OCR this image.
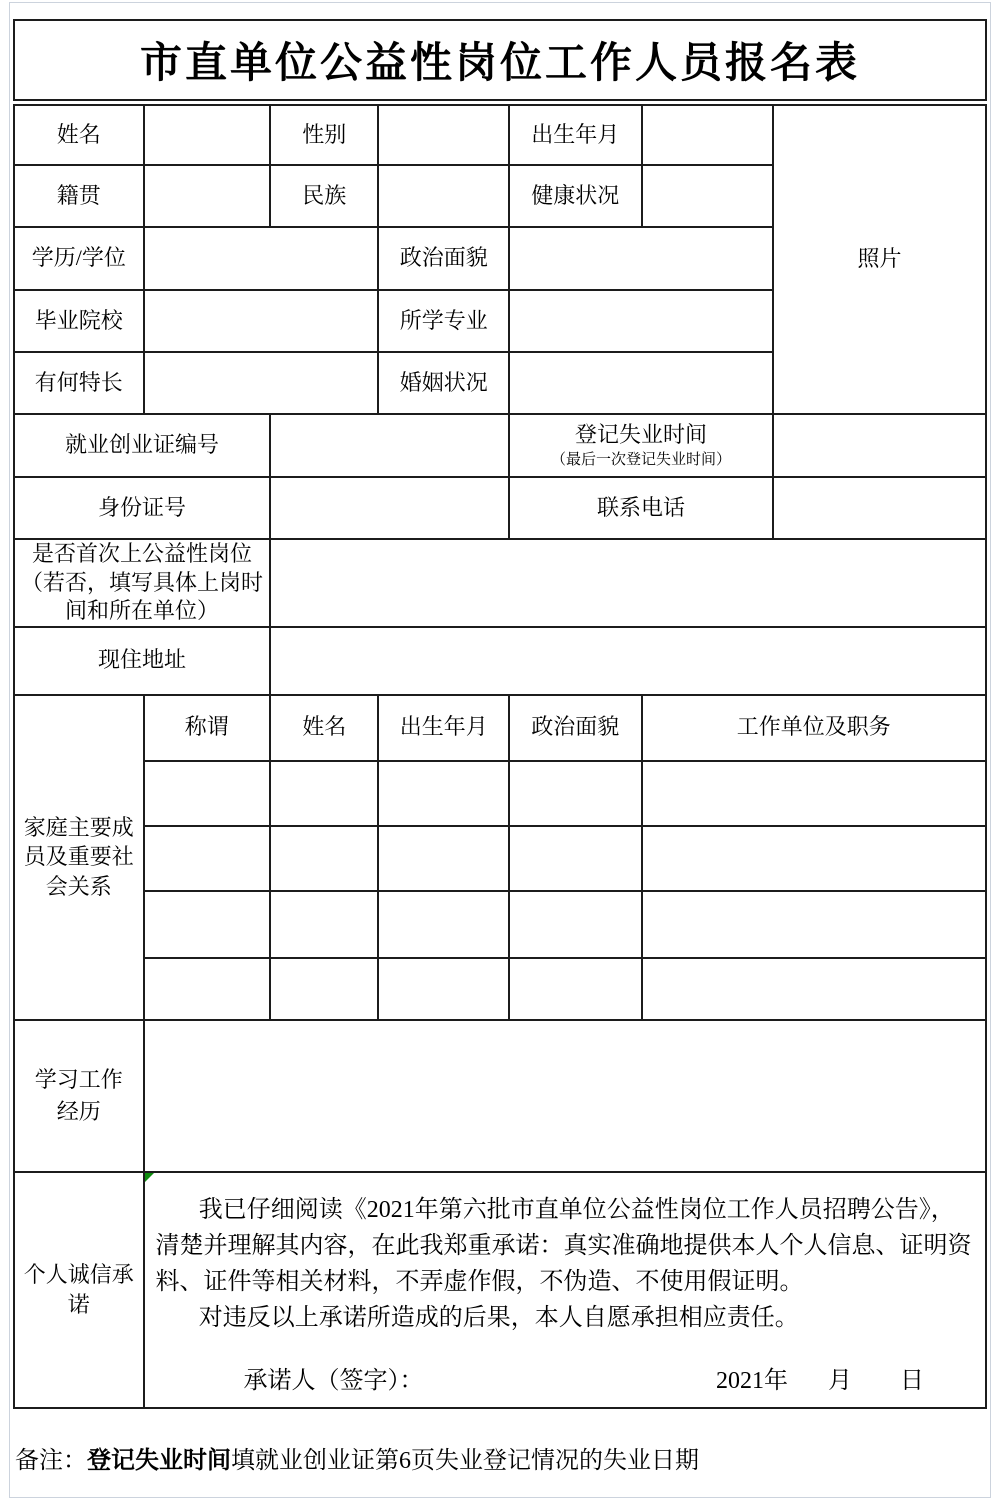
市直单位公益性岗位工作人员报名表
姓名		性别		出生年月		照片
籍贯		民族		健康状况		
学历/学位			政治面貌			
毕业院校			所学专业			
有何特长			婚姻状况			
就业创业证编号				登记失业时间
（最后一次登记失业时间）		

身份证号				联系电话		
是否首次上公益性岗位（若否，填写具体上岗时间和所在单位）						
现住地址						
家庭主要成员及重要社会关系	称谓	姓名	出生年月	政治面貌	工作单位及职务	

学习工作经历						
个人诚信承诺	我已仔细阅读《2021年第六批市直单位公益性岗位工作人员招聘公告》，清楚并理解其内容，在此我郑重承诺：真实准确地提供本人个人信息、证明资料、证件等相关材料，不弄虚作假，不伪造、不使用假证明。

对违反以上承诺所造成的后果，本人自愿承担相应责任。

承诺人（签字）： 2021年 月 日					
备注：登记失业时间填就业创业证第6页失业登记情况的失业日期
